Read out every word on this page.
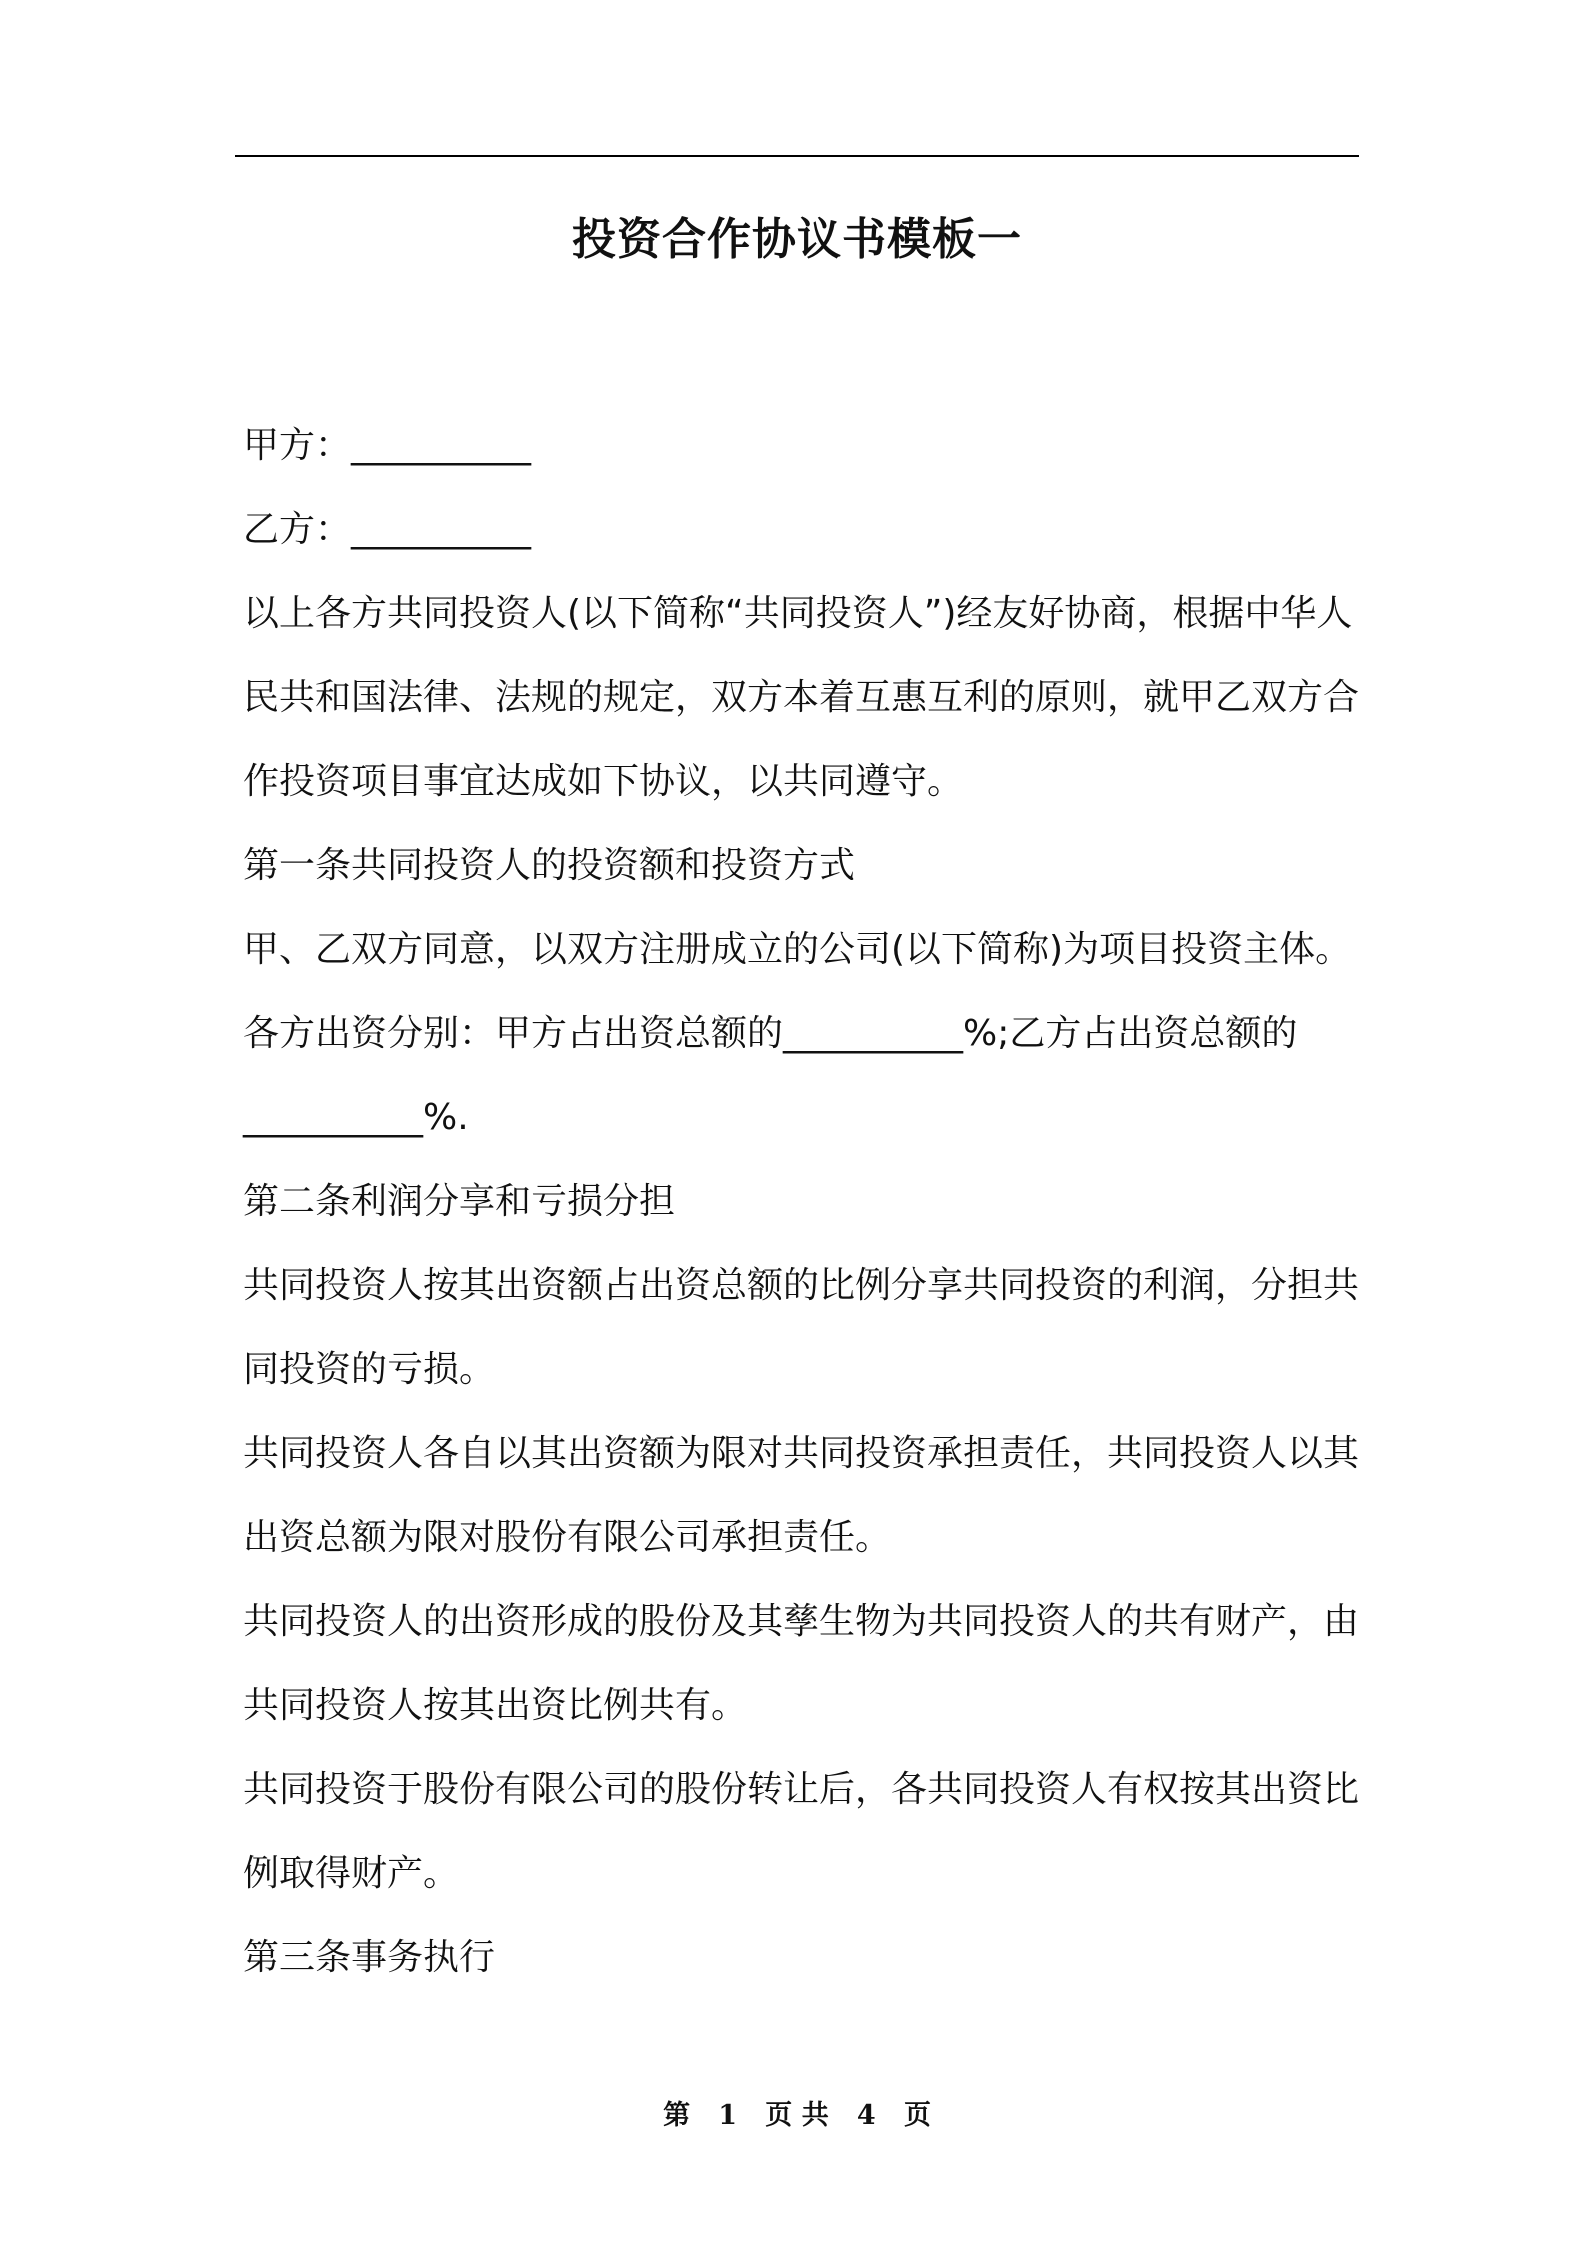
投资合作协议书模板一

甲方：__________

乙方：__________

以上各方共同投资人(以下简称“共同投资人”)经友好协商，根据中华人民共和国法律、法规的规定，双方本着互惠互利的原则，就甲乙双方合作投资项目事宜达成如下协议，以共同遵守。

第一条共同投资人的投资额和投资方式

甲、乙双方同意，以双方注册成立的公司(以下简称)为项目投资主体。

各方出资分别：甲方占出资总额的__________%;乙方占出资总额的__________%.

第二条利润分享和亏损分担

共同投资人按其出资额占出资总额的比例分享共同投资的利润，分担共同投资的亏损。

共同投资人各自以其出资额为限对共同投资承担责任，共同投资人以其出资总额为限对股份有限公司承担责任。

共同投资人的出资形成的股份及其孳生物为共同投资人的共有财产，由共同投资人按其出资比例共有。

共同投资于股份有限公司的股份转让后，各共同投资人有权按其出资比例取得财产。

第三条事务执行

第 1 页 共 4 页
